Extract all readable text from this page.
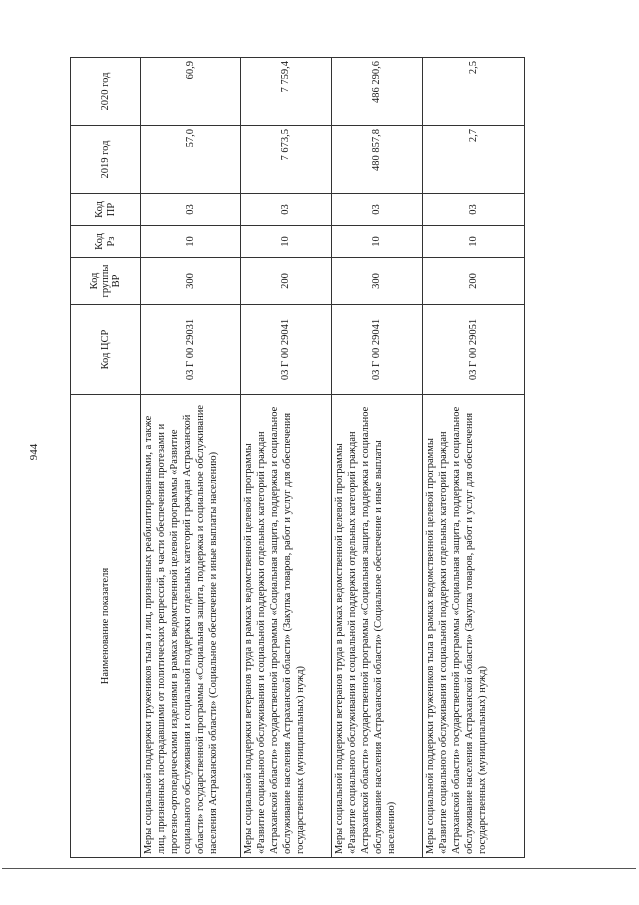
944
Наименование показателя	Код ЦСР	Код группы ВР	Код Рз	Код ПР	2019 год	2020 год
Меры социальной поддержки тружеников тыла и лиц, признанных реабилитированными, а также лиц, признанных пострадавшими от политических репрессий, в части обеспечения протезами и протезно-ортопедическими изделиями в рамках ведомственной целевой программы «Развитие социального обслуживания и социальной поддержки отдельных категорий граждан Астраханской области» государственной программы «Социальная защита, поддержка и социальное обслуживание населения Астраханской области» (Социальное обеспечение и иные выплаты населению)	03 Г 00 29031	300	10	03	57,0	60,9
Меры социальной поддержки ветеранов труда в рамках ведомственной целевой программы «Развитие социального обслуживания и социальной поддержки отдельных категорий граждан Астраханской области» государственной программы «Социальная защита, поддержка и социальное обслуживание населения Астраханской области» (Закупка товаров, работ и услуг для обеспечения государственных (муниципальных) нужд)	03 Г 00 29041	200	10	03	7 673,5	7 759,4
Меры социальной поддержки ветеранов труда в рамках ведомственной целевой программы «Развитие социального обслуживания и социальной поддержки отдельных категорий граждан Астраханской области» государственной программы «Социальная защита, поддержка и социальное обслуживание населения Астраханской области» (Социальное обеспечение и иные выплаты населению)	03 Г 00 29041	300	10	03	480 857,8	486 290,6
Меры социальной поддержки тружеников тыла в рамках ведомственной целевой программы «Развитие социального обслуживания и социальной поддержки отдельных категорий граждан Астраханской области» государственной программы «Социальная защита, поддержка и социальное обслуживание населения Астраханской области» (Закупка товаров, работ и услуг для обеспечения государственных (муниципальных) нужд)	03 Г 00 29051	200	10	03	2,7	2,5
